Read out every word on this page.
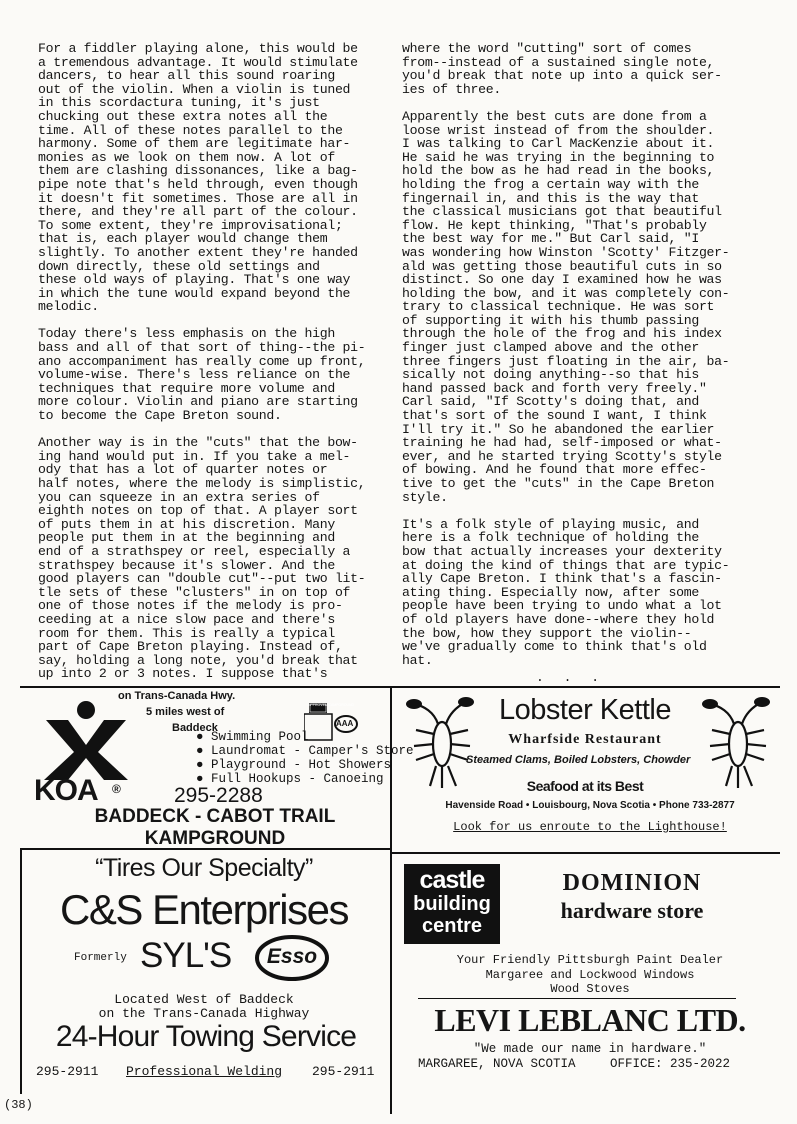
For a fiddler playing alone, this would be
a tremendous advantage. It would stimulate
dancers, to hear all this sound roaring
out of the violin. When a violin is tuned
in this scordactura tuning, it's just
chucking out these extra notes all the
time. All of these notes parallel to the
harmony. Some of them are legitimate har-
monies as we look on them now. A lot of
them are clashing dissonances, like a bag-
pipe note that's held through, even though
it doesn't fit sometimes. Those are all in
there, and they're all part of the colour.
To some extent, they're improvisational;
that is, each player would change them
slightly. To another extent they're handed
down directly, these old settings and
these old ways of playing. That's one way
in which the tune would expand beyond the
melodic.

Today there's less emphasis on the high
bass and all of that sort of thing--the pi-
ano accompaniment has really come up front,
volume-wise. There's less reliance on the
techniques that require more volume and
more colour. Violin and piano are starting
to become the Cape Breton sound.

Another way is in the "cuts" that the bow-
ing hand would put in. If you take a mel-
ody that has a lot of quarter notes or
half notes, where the melody is simplistic,
you can squeeze in an extra series of
eighth notes on top of that. A player sort
of puts them in at his discretion. Many
people put them in at the beginning and
end of a strathspey or reel, especially a
strathspey because it's slower. And the
good players can "double cut"--put two lit-
tle sets of these "clusters" in on top of
one of those notes if the melody is pro-
ceeding at a nice slow pace and there's
room for them. This is really a typical
part of Cape Breton playing. Instead of,
say, holding a long note, you'd break that
up into 2 or 3 notes. I suppose that's

where the word "cutting" sort of comes
from--instead of a sustained single note,
you'd break that note up into a quick ser-
ies of three.

Apparently the best cuts are done from a
loose wrist instead of from the shoulder.
I was talking to Carl MacKenzie about it.
He said he was trying in the beginning to
hold the bow as he had read in the books,
holding the frog a certain way with the
fingernail in, and this is the way that
the classical musicians got that beautiful
flow. He kept thinking, "That's probably
the best way for me." But Carl said, "I
was wondering how Winston 'Scotty' Fitzger-
ald was getting those beautiful cuts in so
distinct. So one day I examined how he was
holding the bow, and it was completely con-
trary to classical technique. He was sort
of supporting it with his thumb passing
through the hole of the frog and his index
finger just clamped above and the other
three fingers just floating in the air, ba-
sically not doing anything--so that his
hand passed back and forth very freely."
Carl said, "If Scotty's doing that, and
that's sort of the sound I want, I think
I'll try it." So he abandoned the earlier
training he had had, self-imposed or what-
ever, and he started trying Scotty's style
of bowing. And he found that more effec-
tive to get the "cuts" in the Cape Breton
style.

It's a folk style of playing music, and
here is a folk technique of holding the
bow that actually increases your dexterity
at doing the kind of things that are typic-
ally Cape Breton. I think that's a fascin-
ating thing. Especially now, after some
people have been trying to undo what a lot
of old players have done--where they hold
the bow, how they support the violin--
we've gradually come to think that's old
hat.

. . .
on Trans-Canada Hwy.
5 miles west of
Baddeck
APPROVED CAMPGROUND
AAA
KOA ®
● Swimming Pool
● Laundromat - Camper's Store
● Playground - Hot Showers
● Full Hookups - Canoeing
295-2288
BADDECK - CABOT TRAIL
KAMPGROUND
Lobster Kettle
Wharfside Restaurant
Steamed Clams, Boiled Lobsters, Chowder
Seafood at its Best
Havenside Road • Louisbourg, Nova Scotia • Phone 733-2877
Look for us enroute to the Lighthouse!
“Tires Our Specialty”
C&S Enterprises
Formerly SYL'S	Esso
Located West of Baddeck
on the Trans-Canada Highway
24-Hour Towing Service
295-2911 Professional Welding 295-2911
castle
building
centre
DOMINION
hardware store
Your Friendly Pittsburgh Paint Dealer
Margaree and Lockwood Windows
Wood Stoves
LEVI LEBLANC LTD.
"We made our name in hardware."
MARGAREE, NOVA SCOTIA	OFFICE: 235-2022
(38)
